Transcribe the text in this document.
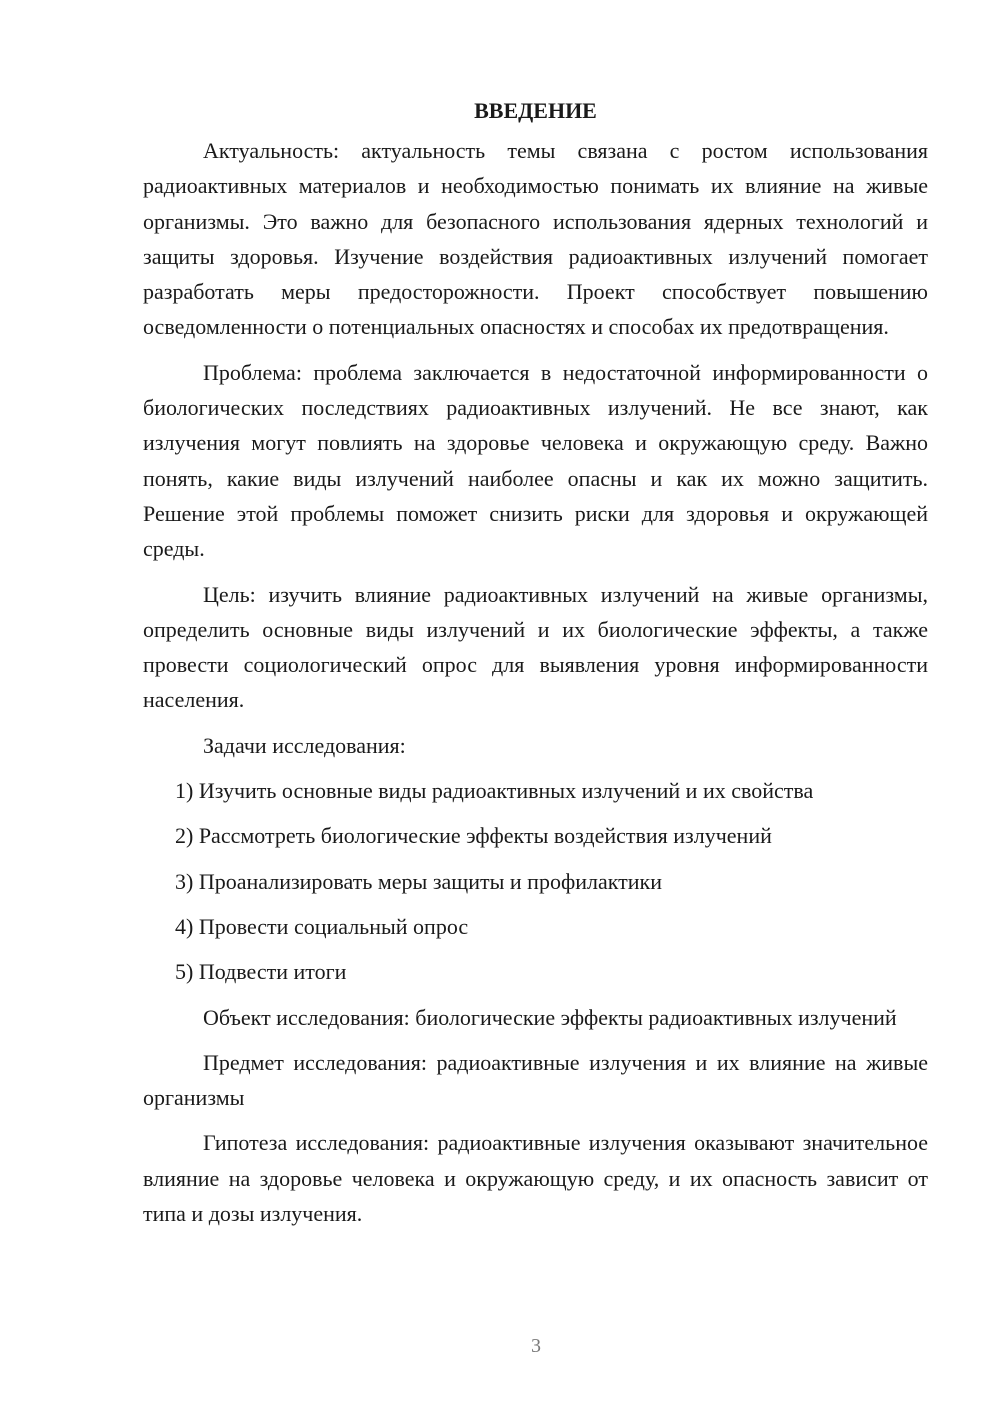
ВВЕДЕНИЕ

Актуальность: актуальность темы связана с ростом использования радиоактивных материалов и необходимостью понимать их влияние на живые организмы. Это важно для безопасного использования ядерных технологий и защиты здоровья. Изучение воздействия радиоактивных излучений помогает разработать меры предосторожности. Проект способствует повышению осведомленности о потенциальных опасностях и способах их предотвращения.

Проблема: проблема заключается в недостаточной информированности о биологических последствиях радиоактивных излучений. Не все знают, как излучения могут повлиять на здоровье человека и окружающую среду. Важно понять, какие виды излучений наиболее опасны и как их можно защитить. Решение этой проблемы поможет снизить риски для здоровья и окружающей среды.

Цель: изучить влияние радиоактивных излучений на живые организмы, определить основные виды излучений и их биологические эффекты, а также провести социологический опрос для выявления уровня информированности населения.

Задачи исследования:

1) Изучить основные виды радиоактивных излучений и их свойства
2) Рассмотреть биологические эффекты воздействия излучений
3) Проанализировать меры защиты и профилактики
4) Провести социальный опрос
5) Подвести итоги

Объект исследования: биологические эффекты радиоактивных излучений

Предмет исследования: радиоактивные излучения и их влияние на живые организмы

Гипотеза исследования: радиоактивные излучения оказывают значительное влияние на здоровье человека и окружающую среду, и их опасность зависит от типа и дозы излучения.

3
